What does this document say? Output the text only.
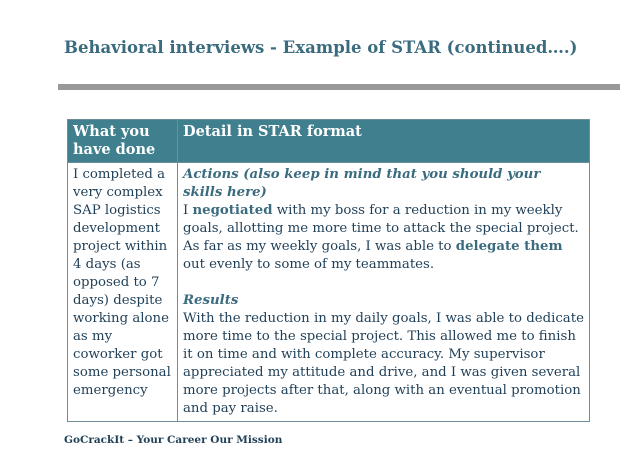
Behavioral interviews - Example of STAR (continued….)
What you have done	Detail in STAR format
I completed a very complex SAP logistics development project within 4 days (as opposed to 7 days) despite working alone as my coworker got some personal emergency	Actions (also keep in mind that you should your skills here)
I negotiated with my boss for a reduction in my weekly goals, allotting me more time to attack the special project.
As far as my weekly goals, I was able to delegate them out evenly to some of my teammates.
Results
With the reduction in my daily goals, I was able to dedicate more time to the special project. This allowed me to finish it on time and with complete accuracy. My supervisor appreciated my attitude and drive, and I was given several more projects after that, along with an eventual promotion and pay raise.
GoCrackIt – Your Career Our Mission
